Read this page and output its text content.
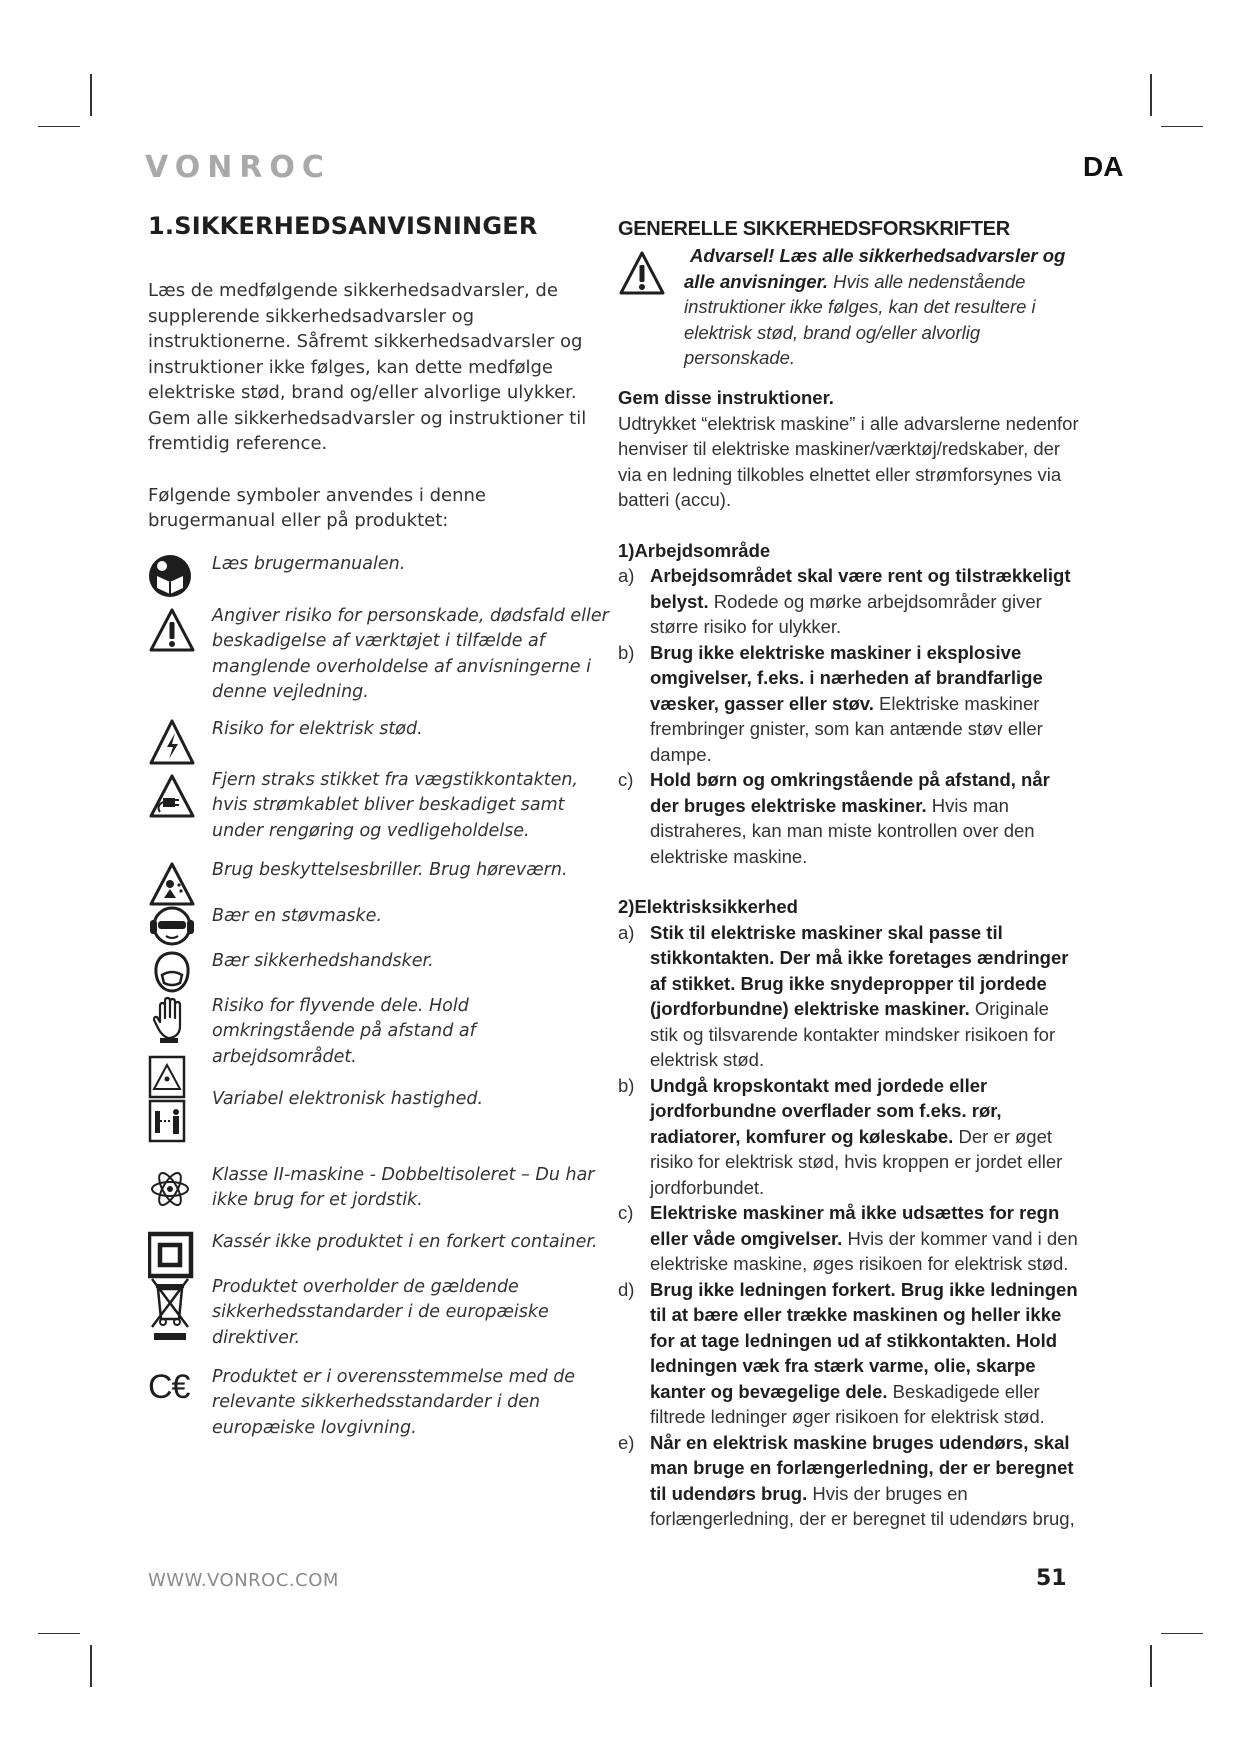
VONROC	DA
1.SIKKERHEDSANVISNINGER

Læs de medfølgende sikkerhedsadvarsler, de supplerende sikkerhedsadvarsler og instruktionerne. Såfremt sikkerhedsadvarsler og instruktioner ikke følges, kan dette medfølge elektriske stød, brand og/eller alvorlige ulykker. Gem alle sikkerhedsadvarsler og instruktioner til fremtidig reference.

Følgende symboler anvendes i denne brugermanual eller på produktet:

Læs brugermanualen.
Angiver risiko for personskade, dødsfald eller beskadigelse af værktøjet i tilfælde af manglende overholdelse af anvisningerne i denne vejledning.
Risiko for elektrisk stød.
Fjern straks stikket fra vægstikkontakten, hvis strømkablet bliver beskadiget samt under rengøring og vedligeholdelse.
Brug beskyttelsesbriller. Brug høreværn.
Bær en støvmaske.
Bær sikkerhedshandsker.
Risiko for flyvende dele. Hold omkringstående på afstand af arbejdsområdet.
Variabel elektronisk hastighed.
Klasse II-maskine - Dobbeltisoleret – Du har ikke brug for et jordstik.
Kassér ikke produktet i en forkert container.
Produktet overholder de gældende sikkerhedsstandarder i de europæiske direktiver.
C€	Produktet er i overensstemmelse med de relevante sikkerhedsstandarder i den europæiske lovgivning.
GENERELLE SIKKERHEDSFORSKRIFTER
Advarsel! Læs alle sikkerhedsadvarsler og alle anvisninger. Hvis alle nedenstående instruktioner ikke følges, kan det resultere i elektrisk stød, brand og/eller alvorlig personskade.

Gem disse instruktioner.

Udtrykket “elektrisk maskine” i alle advarslerne nedenfor henviser til elektriske maskiner/værktøj/redskaber, der via en ledning tilkobles elnettet eller strømforsynes via batteri (accu).

1)Arbejdsområde

a) Arbejdsområdet skal være rent og tilstrækkeligt belyst. Rodede og mørke arbejdsområder giver større risiko for ulykker.
b) Brug ikke elektriske maskiner i eksplosive omgivelser, f.eks. i nærheden af brandfarlige væsker, gasser eller støv. Elektriske maskiner frembringer gnister, som kan antænde støv eller dampe.
c) Hold børn og omkringstående på afstand, når der bruges elektriske maskiner. Hvis man distraheres, kan man miste kontrollen over den elektriske maskine.

2)Elektrisksikkerhed

a) Stik til elektriske maskiner skal passe til stikkontakten. Der må ikke foretages ændringer af stikket. Brug ikke snydepropper til jordede (jordforbundne) elektriske maskiner. Originale stik og tilsvarende kontakter mindsker risikoen for elektrisk stød.
b) Undgå kropskontakt med jordede eller jordforbundne overflader som f.eks. rør, radiatorer, komfurer og køleskabe. Der er øget risiko for elektrisk stød, hvis kroppen er jordet eller jordforbundet.
c) Elektriske maskiner må ikke udsættes for regn eller våde omgivelser. Hvis der kommer vand i den elektriske maskine, øges risikoen for elektrisk stød.
d) Brug ikke ledningen forkert. Brug ikke ledningen til at bære eller trække maskinen og heller ikke for at tage ledningen ud af stikkontakten. Hold ledningen væk fra stærk varme, olie, skarpe kanter og bevægelige dele. Beskadigede eller filtrede ledninger øger risikoen for elektrisk stød.
e) Når en elektrisk maskine bruges udendørs, skal man bruge en forlængerledning, der er beregnet til udendørs brug. Hvis der bruges en forlængerledning, der er beregnet til udendørs brug,
WWW.VONROC.COM	51
